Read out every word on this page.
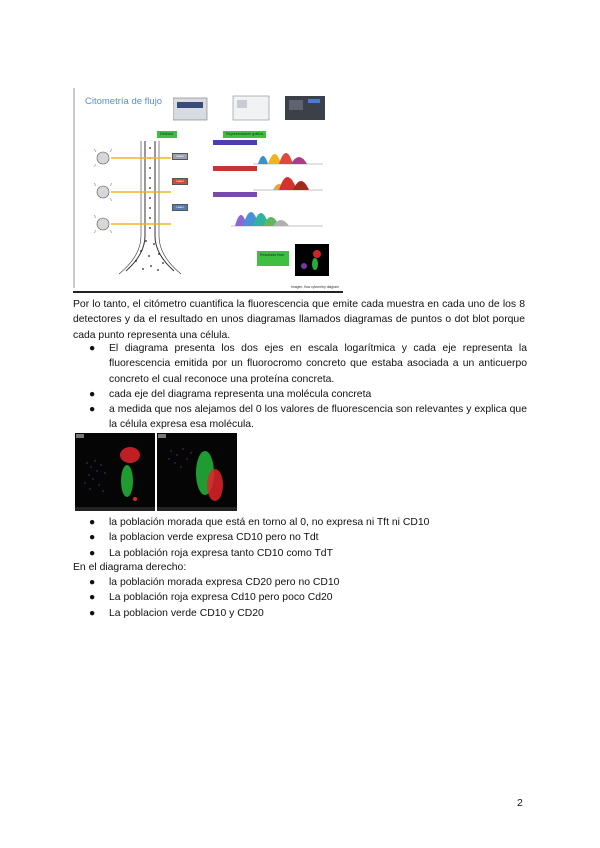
Citometría de flujo
Detector	Representación gráfica
Laser
Laser
Laser
Resultado final
Imagen: flow cytometry diagram

Por lo tanto, el citómetro cuantifica la fluorescencia que emite cada muestra en cada uno de los 8 detectores y da el resultado en unos diagramas llamados diagramas de puntos o dot blot porque cada punto representa una célula.

● El diagrama presenta los dos ejes en escala logarítmica y cada eje representa la fluorescencia emitida por un fluorocromo concreto que estaba asociada a un anticuerpo concreto el cual reconoce una proteína concreta.
● cada eje del diagrama representa una molécula concreta
● a medida que nos alejamos del 0 los valores de fluorescencia son relevantes y explica que la célula expresa esa molécula.
● la población morada que está en torno al 0, no expresa ni Tft ni CD10
● la poblacion verde expresa CD10 pero no Tdt
● La población roja expresa tanto CD10 como TdT
En el diagrama derecho:
● la población morada expresa CD20 pero no CD10
● La población roja expresa Cd10 pero poco Cd20
● La poblacion verde CD10 y CD20
2
